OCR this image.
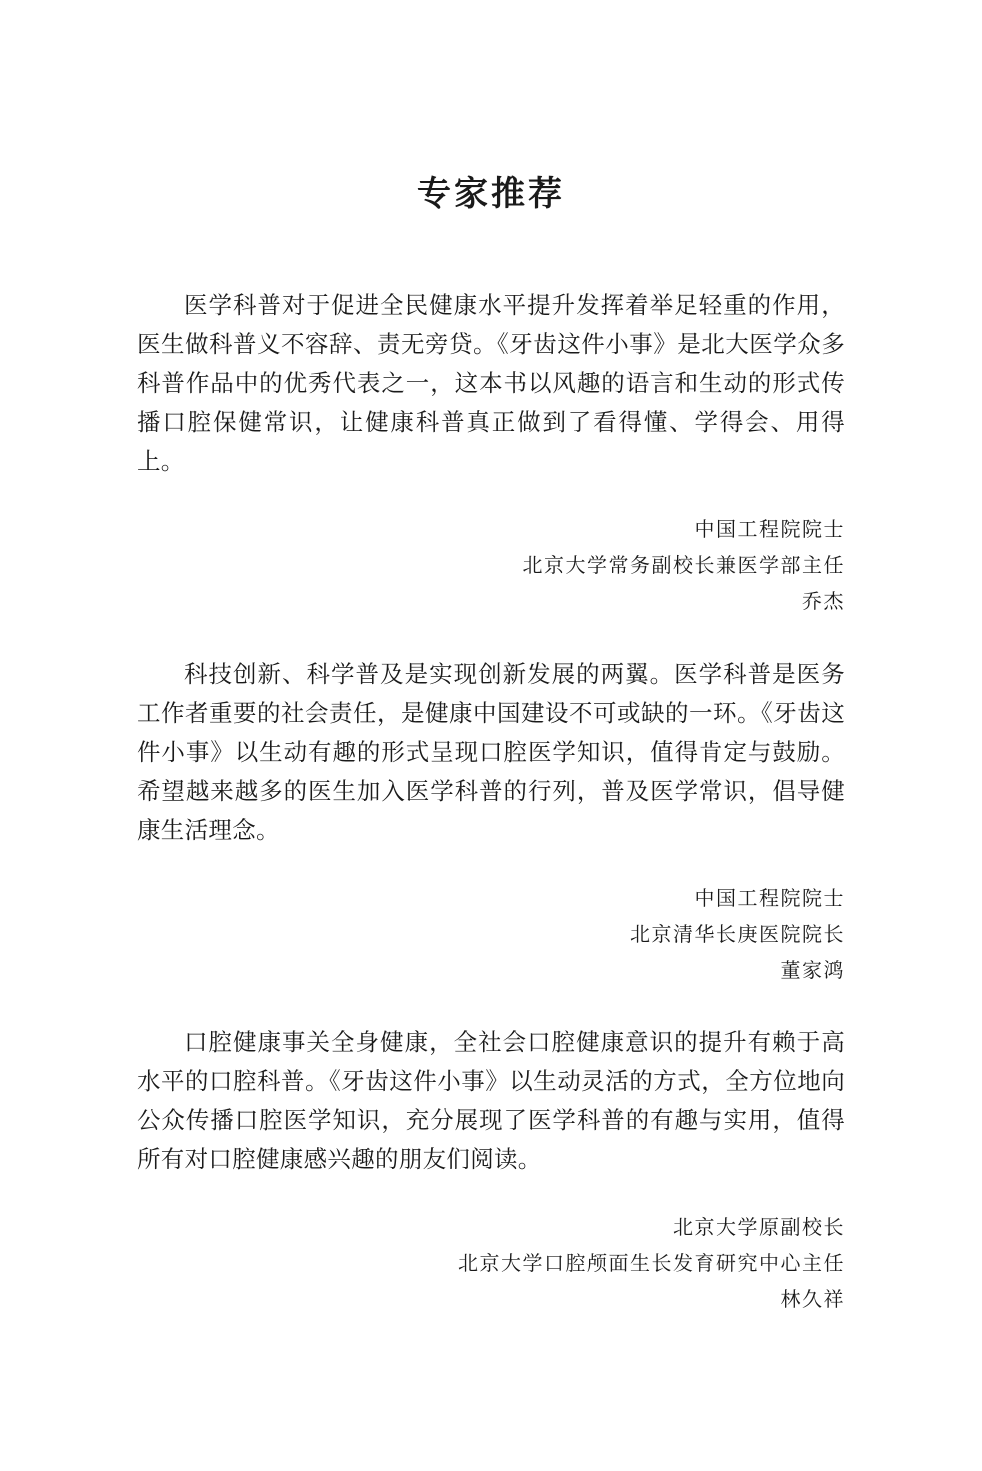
专家推荐

医学科普对于促进全民健康水平提升发挥着举足轻重的作用，医生做科普义不容辞、责无旁贷。《牙齿这件小事》是北大医学众多科普作品中的优秀代表之一，这本书以风趣的语言和生动的形式传播口腔保健常识，让健康科普真正做到了看得懂、学得会、用得上。

中国工程院院士
北京大学常务副校长兼医学部主任
乔杰

科技创新、科学普及是实现创新发展的两翼。医学科普是医务工作者重要的社会责任，是健康中国建设不可或缺的一环。《牙齿这件小事》以生动有趣的形式呈现口腔医学知识，值得肯定与鼓励。希望越来越多的医生加入医学科普的行列，普及医学常识，倡导健康生活理念。

中国工程院院士
北京清华长庚医院院长
董家鸿

口腔健康事关全身健康，全社会口腔健康意识的提升有赖于高水平的口腔科普。《牙齿这件小事》以生动灵活的方式，全方位地向公众传播口腔医学知识，充分展现了医学科普的有趣与实用，值得所有对口腔健康感兴趣的朋友们阅读。

北京大学原副校长
北京大学口腔颅面生长发育研究中心主任
林久祥
